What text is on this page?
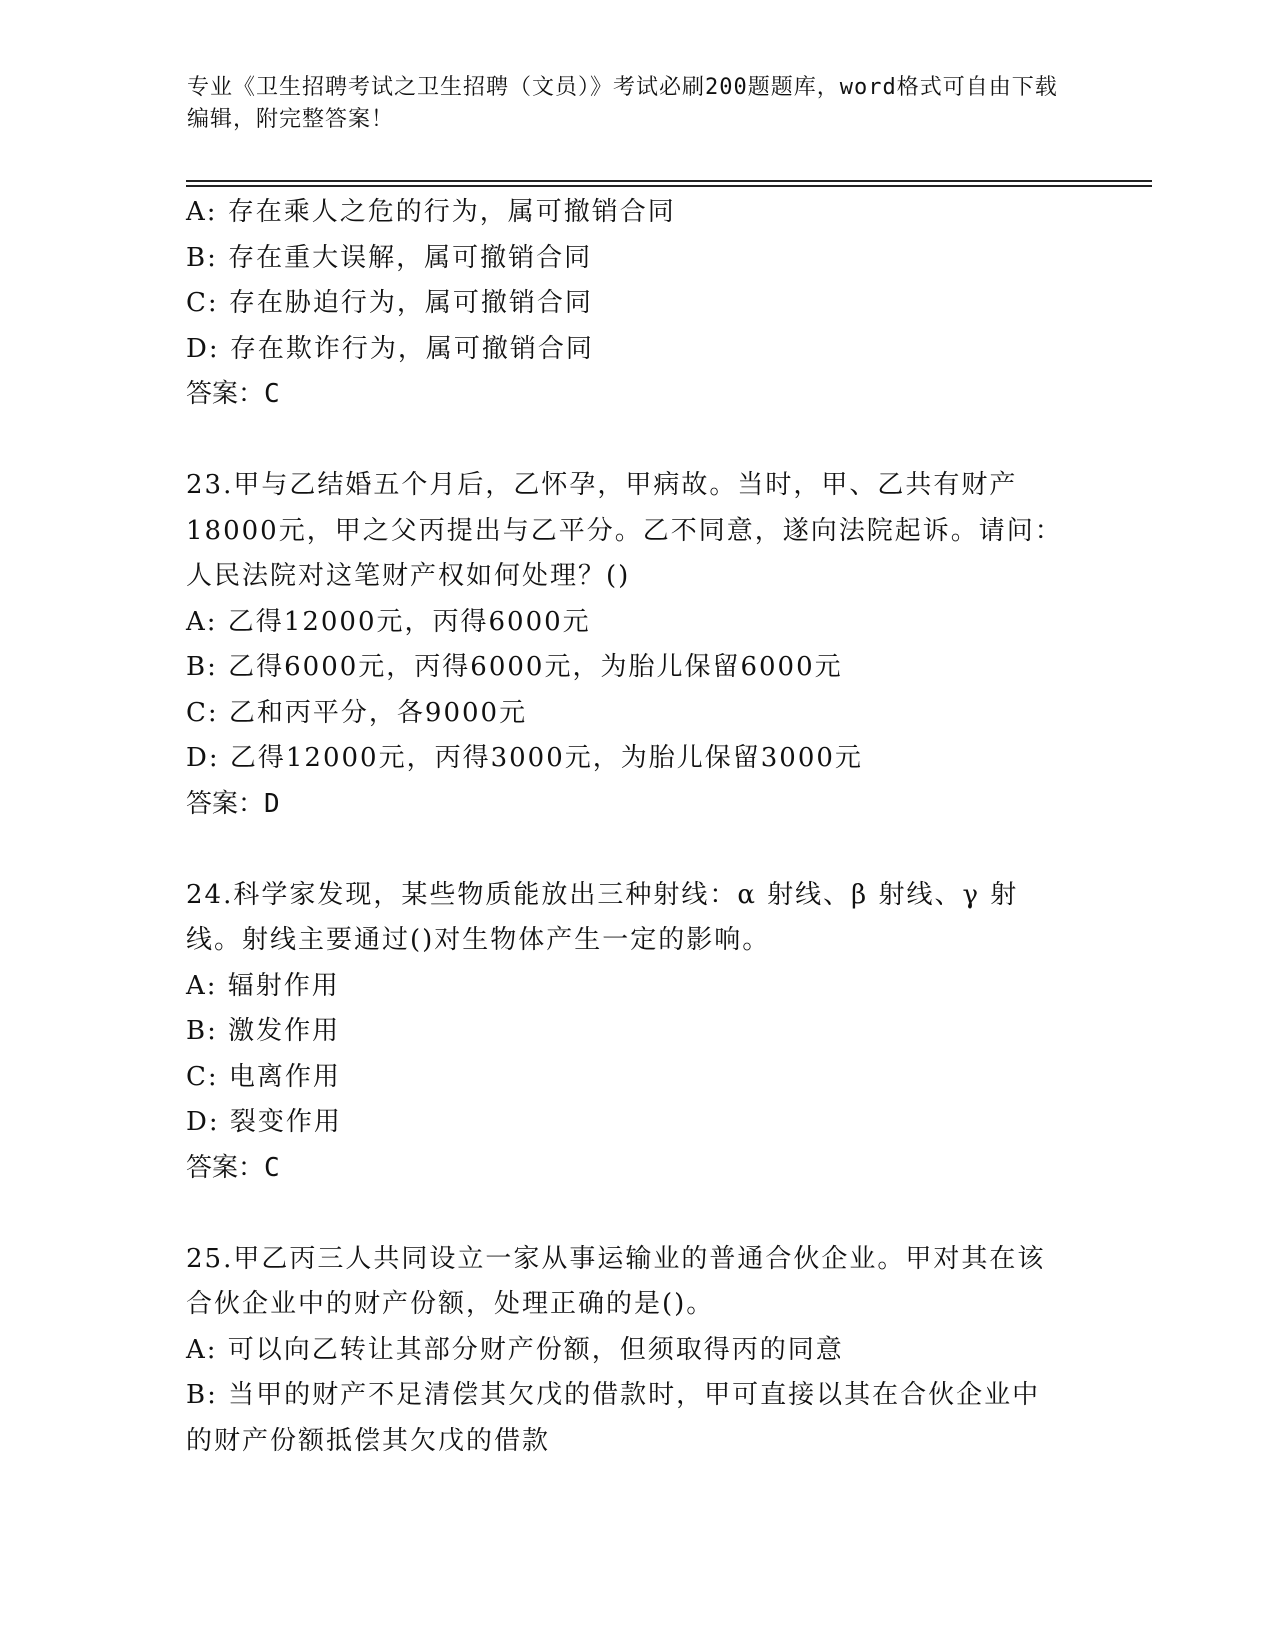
专业《卫生招聘考试之卫生招聘（文员）》考试必刷200题题库，word格式可自由下载编辑，附完整答案！
A: 存在乘人之危的行为，属可撤销合同
B: 存在重大误解，属可撤销合同
C: 存在胁迫行为，属可撤销合同
D: 存在欺诈行为，属可撤销合同
答案：C
23.甲与乙结婚五个月后，乙怀孕，甲病故。当时，甲、乙共有财产
18000元，甲之父丙提出与乙平分。乙不同意，遂向法院起诉。请问：
人民法院对这笔财产权如何处理？()
A: 乙得12000元，丙得6000元
B: 乙得6000元，丙得6000元，为胎儿保留6000元
C: 乙和丙平分，各9000元
D: 乙得12000元，丙得3000元，为胎儿保留3000元
答案：D
24.科学家发现，某些物质能放出三种射线：α 射线、β 射线、γ 射
线。射线主要通过()对生物体产生一定的影响。
A: 辐射作用
B: 激发作用
C: 电离作用
D: 裂变作用
答案：C
25.甲乙丙三人共同设立一家从事运输业的普通合伙企业。甲对其在该
合伙企业中的财产份额，处理正确的是()。
A: 可以向乙转让其部分财产份额，但须取得丙的同意
B: 当甲的财产不足清偿其欠戊的借款时，甲可直接以其在合伙企业中
的财产份额抵偿其欠戊的借款
